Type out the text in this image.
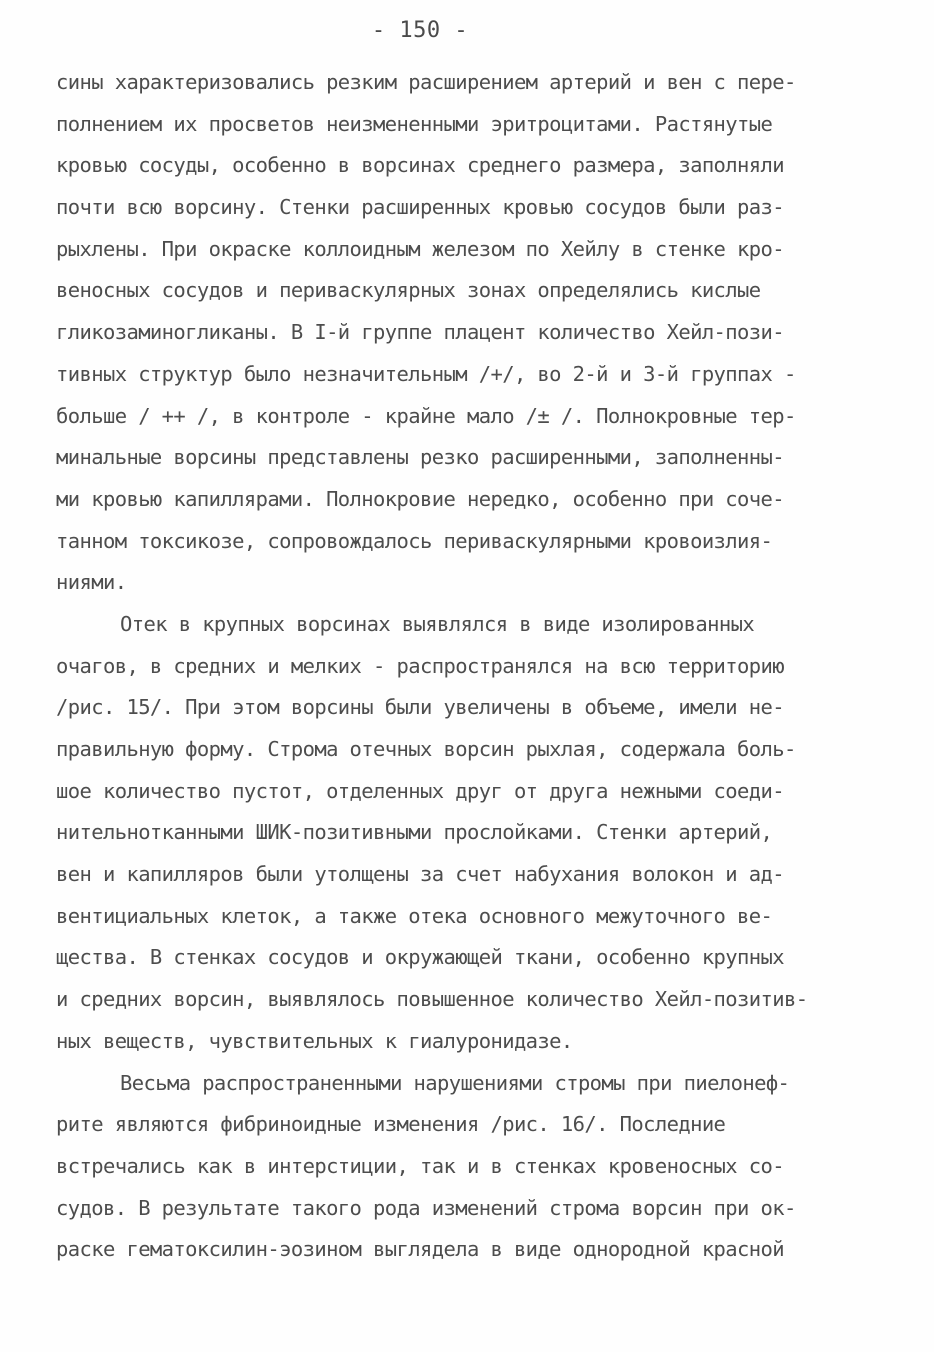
- 150 -
сины характеризовались резким расширением артерий и вен с пере-
полнением их просветов неизмененными эритроцитами. Растянутые
кровью сосуды, особенно в ворсинах среднего размера, заполняли
почти всю ворсину. Стенки расширенных кровью сосудов были раз-
рыхлены. При окраске коллоидным железом по Хейлу в стенке кро-
веносных сосудов и периваскулярных зонах определялись кислые
гликозаминогликаны. В I-й группе плацент количество Хейл-пози-
тивных структур было незначительным /+/, во 2-й и 3-й группах -
больше / ++ /, в контроле - крайне мало /± /. Полнокровные тер-
минальные ворсины представлены резко расширенными, заполненны-
ми кровью капиллярами. Полнокровие нередко, особенно при соче-
танном токсикозе, сопровождалось периваскулярными кровоизлия-
ниями.
Отек в крупных ворсинах выявлялся в виде изолированных
очагов, в средних и мелких - распространялся на всю территорию
/рис. 15/. При этом ворсины были увеличены в объеме, имели не-
правильную форму. Строма отечных ворсин рыхлая, содержала боль-
шое количество пустот, отделенных друг от друга нежными соеди-
нительнотканными ШИК-позитивными прослойками. Стенки артерий,
вен и капилляров были утолщены за счет набухания волокон и ад-
вентициальных клеток, а также отека основного межуточного ве-
щества. В стенках сосудов и окружающей ткани, особенно крупных
и средних ворсин, выявлялось повышенное количество Хейл-позитив-
ных веществ, чувствительных к гиалуронидазе.
Весьма распространенными нарушениями стромы при пиелонеф-
рите являются фибриноидные изменения /рис. 16/. Последние
встречались как в интерстиции, так и в стенках кровеносных со-
судов. В результате такого рода изменений строма ворсин при ок-
раске гематоксилин-эозином выглядела в виде однородной красной
